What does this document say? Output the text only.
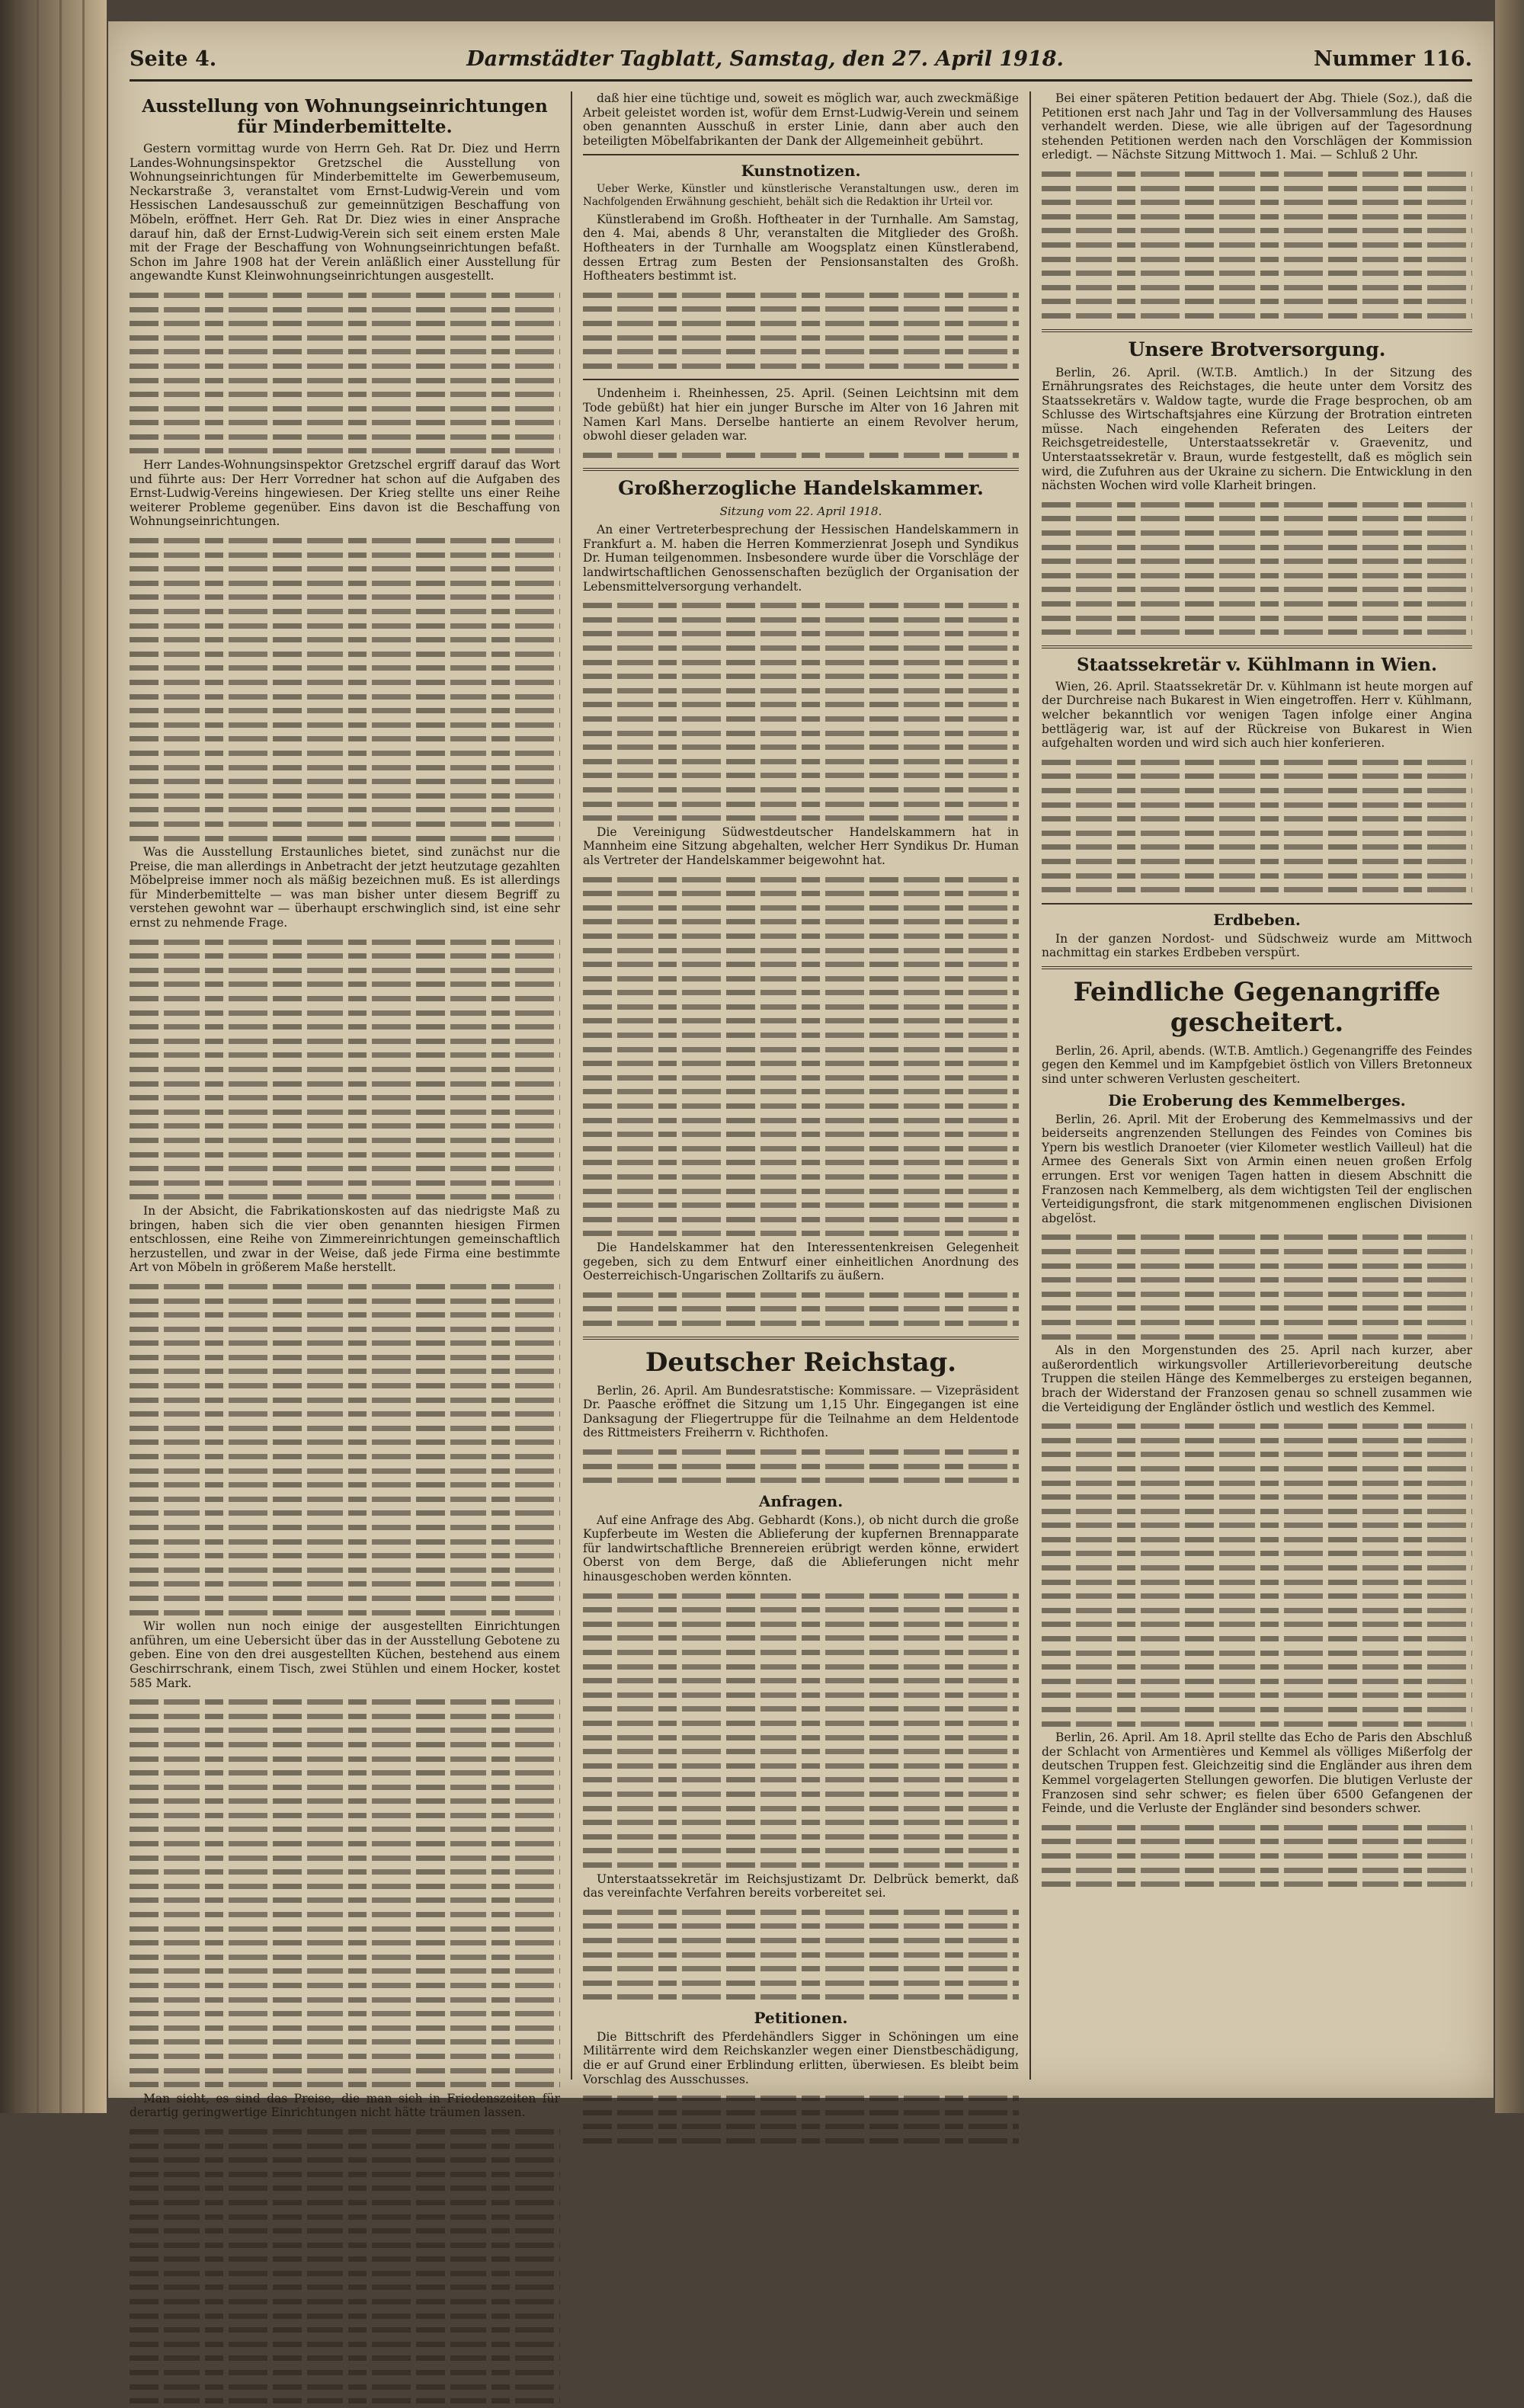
Seite 4.	Darmstädter Tagblatt, Samstag, den 27. April 1918.	Nummer 116.
Ausstellung von Wohnungseinrichtungen für Minderbemittelte.

Gestern vormittag wurde von Herrn Geh. Rat Dr. Diez und Herrn Landes-Wohnungsinspektor Gretzschel die Ausstellung von Wohnungseinrichtungen für Minderbemittelte im Gewerbemuseum, Neckarstraße 3, veranstaltet vom Ernst-Ludwig-Verein und vom Hessischen Landesausschuß zur gemeinnützigen Beschaffung von Möbeln, eröffnet. Herr Geh. Rat Dr. Diez wies in einer Ansprache darauf hin, daß der Ernst-Ludwig-Verein sich seit einem ersten Male mit der Frage der Beschaffung von Wohnungseinrichtungen befaßt. Schon im Jahre 1908 hat der Verein anläßlich einer Ausstellung für angewandte Kunst Kleinwohnungseinrichtungen ausgestellt.

Herr Landes-Wohnungsinspektor Gretzschel ergriff darauf das Wort und führte aus: Der Herr Vorredner hat schon auf die Aufgaben des Ernst-Ludwig-Vereins hingewiesen. Der Krieg stellte uns einer Reihe weiterer Probleme gegenüber. Eins davon ist die Beschaffung von Wohnungseinrichtungen.

Was die Ausstellung Erstaunliches bietet, sind zunächst nur die Preise, die man allerdings in Anbetracht der jetzt heutzutage gezahlten Möbelpreise immer noch als mäßig bezeichnen muß. Es ist allerdings für Minderbemittelte — was man bisher unter diesem Begriff zu verstehen gewohnt war — überhaupt erschwinglich sind, ist eine sehr ernst zu nehmende Frage.

In der Absicht, die Fabrikationskosten auf das niedrigste Maß zu bringen, haben sich die vier oben genannten hiesigen Firmen entschlossen, eine Reihe von Zimmereinrichtungen gemeinschaftlich herzustellen, und zwar in der Weise, daß jede Firma eine bestimmte Art von Möbeln in größerem Maße herstellt.

Wir wollen nun noch einige der ausgestellten Einrichtungen anführen, um eine Uebersicht über das in der Ausstellung Gebotene zu geben. Eine von den drei ausgestellten Küchen, bestehend aus einem Geschirrschrank, einem Tisch, zwei Stühlen und einem Hocker, kostet 585 Mark.

Man sieht, es sind das Preise, die man sich in Friedenszeiten für derartig geringwertige Einrichtungen nicht hätte träumen lassen.

daß hier eine tüchtige und, soweit es möglich war, auch zweckmäßige Arbeit geleistet worden ist, wofür dem Ernst-Ludwig-Verein und seinem oben genannten Ausschuß in erster Linie, dann aber auch den beteiligten Möbelfabrikanten der Dank der Allgemeinheit gebührt.

Kunstnotizen.

Ueber Werke, Künstler und künstlerische Veranstaltungen usw., deren im Nachfolgenden Erwähnung geschieht, behält sich die Redaktion ihr Urteil vor.

Künstlerabend im Großh. Hoftheater in der Turnhalle. Am Samstag, den 4. Mai, abends 8 Uhr, veranstalten die Mitglieder des Großh. Hoftheaters in der Turnhalle am Woogsplatz einen Künstlerabend, dessen Ertrag zum Besten der Pensionsanstalten des Großh. Hoftheaters bestimmt ist.

Undenheim i. Rheinhessen, 25. April. (Seinen Leichtsinn mit dem Tode gebüßt) hat hier ein junger Bursche im Alter von 16 Jahren mit Namen Karl Mans. Derselbe hantierte an einem Revolver herum, obwohl dieser geladen war.

Großherzogliche Handelskammer.
Sitzung vom 22. April 1918.

An einer Vertreterbesprechung der Hessischen Handelskammern in Frankfurt a. M. haben die Herren Kommerzienrat Joseph und Syndikus Dr. Human teilgenommen. Insbesondere wurde über die Vorschläge der landwirtschaftlichen Genossenschaften bezüglich der Organisation der Lebensmittelversorgung verhandelt.

Die Vereinigung Südwestdeutscher Handelskammern hat in Mannheim eine Sitzung abgehalten, welcher Herr Syndikus Dr. Human als Vertreter der Handelskammer beigewohnt hat.

Die Handelskammer hat den Interessentenkreisen Gelegenheit gegeben, sich zu dem Entwurf einer einheitlichen Anordnung des Oesterreichisch-Ungarischen Zolltarifs zu äußern.

Deutscher Reichstag.

Berlin, 26. April. Am Bundesratstische: Kommissare. — Vizepräsident Dr. Paasche eröffnet die Sitzung um 1,15 Uhr. Eingegangen ist eine Danksagung der Fliegertruppe für die Teilnahme an dem Heldentode des Rittmeisters Freiherrn v. Richthofen.

Anfragen.

Auf eine Anfrage des Abg. Gebhardt (Kons.), ob nicht durch die große Kupferbeute im Westen die Ablieferung der kupfernen Brennapparate für landwirtschaftliche Brennereien erübrigt werden könne, erwidert Oberst von dem Berge, daß die Ablieferungen nicht mehr hinausgeschoben werden könnten.

Unterstaatssekretär im Reichsjustizamt Dr. Delbrück bemerkt, daß das vereinfachte Verfahren bereits vorbereitet sei.

Petitionen.

Die Bittschrift des Pferdehändlers Sigger in Schöningen um eine Militärrente wird dem Reichskanzler wegen einer Dienstbeschädigung, die er auf Grund einer Erblindung erlitten, überwiesen. Es bleibt beim Vorschlag des Ausschusses.

Bei einer späteren Petition bedauert der Abg. Thiele (Soz.), daß die Petitionen erst nach Jahr und Tag in der Vollversammlung des Hauses verhandelt werden. Diese, wie alle übrigen auf der Tagesordnung stehenden Petitionen werden nach den Vorschlägen der Kommission erledigt. — Nächste Sitzung Mittwoch 1. Mai. — Schluß 2 Uhr.

Unsere Brotversorgung.

Berlin, 26. April. (W.T.B. Amtlich.) In der Sitzung des Ernährungsrates des Reichstages, die heute unter dem Vorsitz des Staatssekretärs v. Waldow tagte, wurde die Frage besprochen, ob am Schlusse des Wirtschaftsjahres eine Kürzung der Brotration eintreten müsse. Nach eingehenden Referaten des Leiters der Reichsgetreidestelle, Unterstaatssekretär v. Graevenitz, und Unterstaatssekretär v. Braun, wurde festgestellt, daß es möglich sein wird, die Zufuhren aus der Ukraine zu sichern. Die Entwicklung in den nächsten Wochen wird volle Klarheit bringen.

Staatssekretär v. Kühlmann in Wien.

Wien, 26. April. Staatssekretär Dr. v. Kühlmann ist heute morgen auf der Durchreise nach Bukarest in Wien eingetroffen. Herr v. Kühlmann, welcher bekanntlich vor wenigen Tagen infolge einer Angina bettlägerig war, ist auf der Rückreise von Bukarest in Wien aufgehalten worden und wird sich auch hier konferieren.

Erdbeben.

In der ganzen Nordost- und Südschweiz wurde am Mittwoch nachmittag ein starkes Erdbeben verspürt.

Feindliche Gegenangriffe gescheitert.

Berlin, 26. April, abends. (W.T.B. Amtlich.) Gegenangriffe des Feindes gegen den Kemmel und im Kampfgebiet östlich von Villers Bretonneux sind unter schweren Verlusten gescheitert.

Die Eroberung des Kemmelberges.

Berlin, 26. April. Mit der Eroberung des Kemmelmassivs und der beiderseits angrenzenden Stellungen des Feindes von Comines bis Ypern bis westlich Dranoeter (vier Kilometer westlich Vailleul) hat die Armee des Generals Sixt von Armin einen neuen großen Erfolg errungen. Erst vor wenigen Tagen hatten in diesem Abschnitt die Franzosen nach Kemmelberg, als dem wichtigsten Teil der englischen Verteidigungsfront, die stark mitgenommenen englischen Divisionen abgelöst.

Als in den Morgenstunden des 25. April nach kurzer, aber außerordentlich wirkungsvoller Artillerievorbereitung deutsche Truppen die steilen Hänge des Kemmelberges zu ersteigen begannen, brach der Widerstand der Franzosen genau so schnell zusammen wie die Verteidigung der Engländer östlich und westlich des Kemmel.

Berlin, 26. April. Am 18. April stellte das Echo de Paris den Abschluß der Schlacht von Armentières und Kemmel als völliges Mißerfolg der deutschen Truppen fest. Gleichzeitig sind die Engländer aus ihren dem Kemmel vorgelagerten Stellungen geworfen. Die blutigen Verluste der Franzosen sind sehr schwer; es fielen über 6500 Gefangenen der Feinde, und die Verluste der Engländer sind besonders schwer.
